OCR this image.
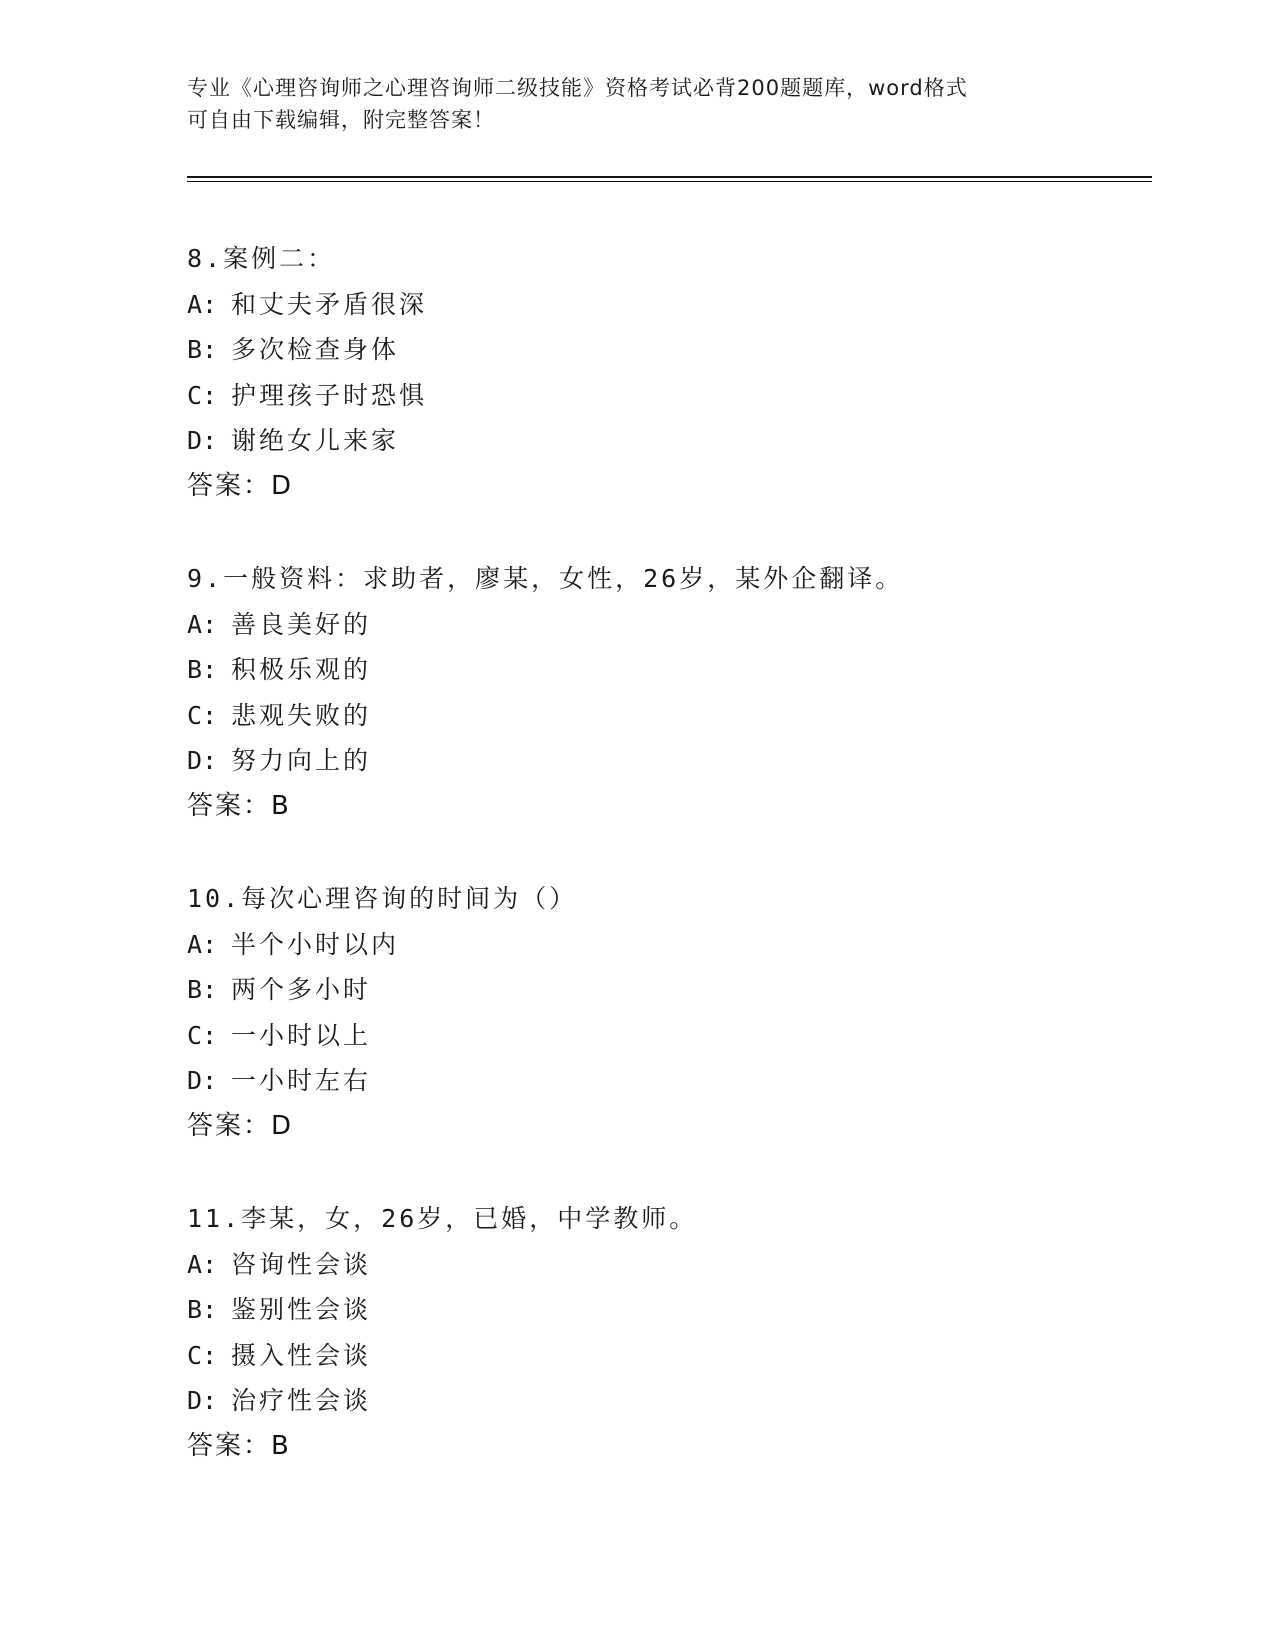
专业《心理咨询师之心理咨询师二级技能》资格考试必背200题题库，word格式
可自由下载编辑，附完整答案！
8.案例二：
A: 和丈夫矛盾很深
B: 多次检查身体
C: 护理孩子时恐惧
D: 谢绝女儿来家
答案：D
9.一般资料：求助者，廖某，女性，26岁，某外企翻译。
A: 善良美好的
B: 积极乐观的
C: 悲观失败的
D: 努力向上的
答案：B
10.每次心理咨询的时间为（）
A: 半个小时以内
B: 两个多小时
C: 一小时以上
D: 一小时左右
答案：D
11.李某，女，26岁，已婚，中学教师。
A: 咨询性会谈
B: 鉴别性会谈
C: 摄入性会谈
D: 治疗性会谈
答案：B
